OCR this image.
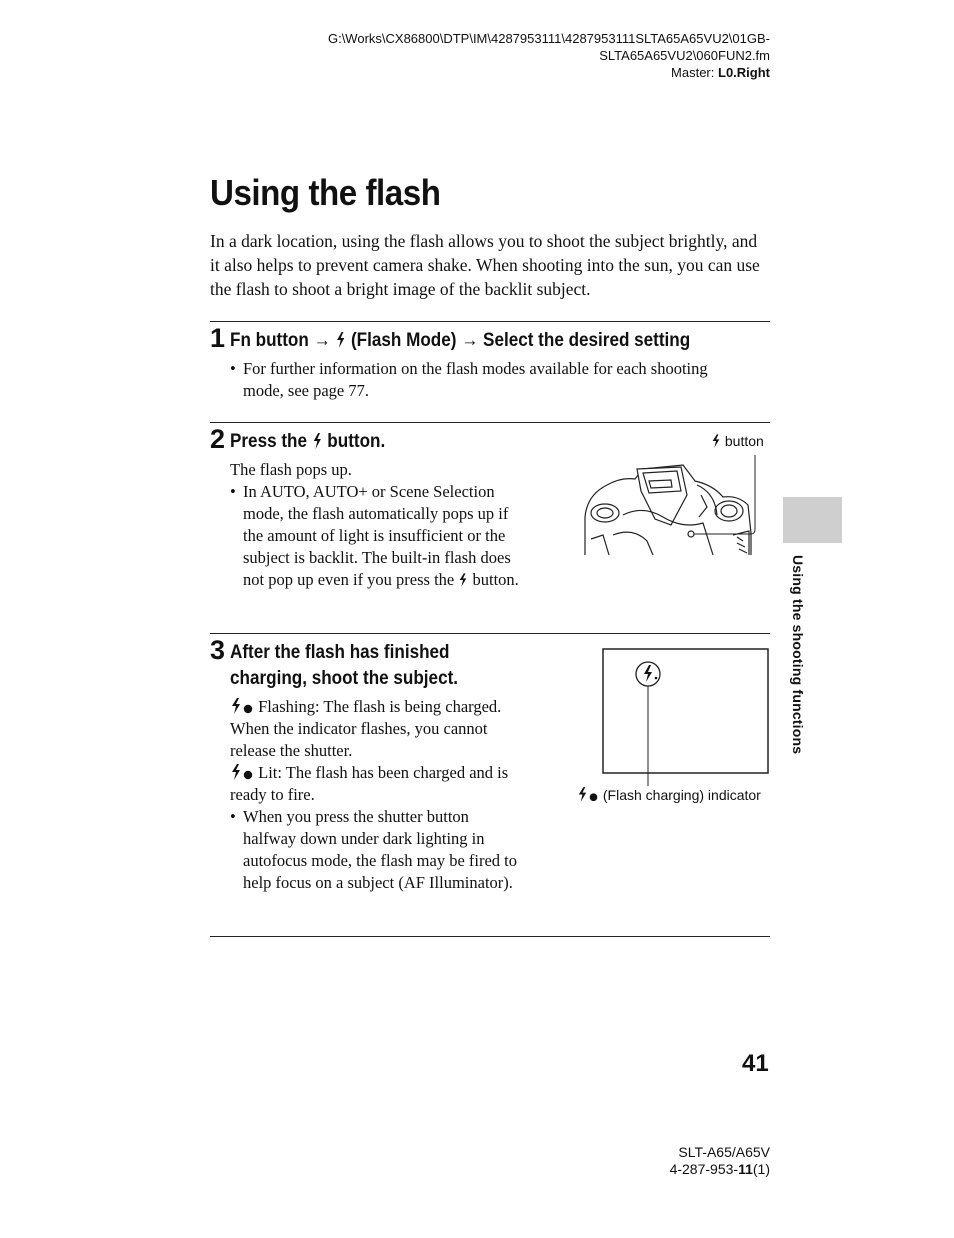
G:\Works\CX86800\DTP\IM\4287953111\4287953111SLTA65A65VU2\01GB-
SLTA65A65VU2\060FUN2.fm
Master: L0.Right
Using the flash

In a dark location, using the flash allows you to shoot the subject brightly, and it also helps to prevent camera shake. When shooting into the sun, you can use the flash to shoot a bright image of the backlit subject.

1 Fn button → (Flash Mode) → Select the desired setting
• For further information on the flash modes available for each shooting mode, see page 77.
2 Press the button.
The flash pops up.
• In AUTO, AUTO+ or Scene Selection mode, the flash automatically pops up if the amount of light is insufficient or the subject is backlit. The built-in flash does not pop up even if you press the button.
button
3 After the flash has finished
charging, shoot the subject.
Flashing: The flash is being charged. When the indicator flashes, you cannot release the shutter.
Lit: The flash has been charged and is ready to fire.
• When you press the shutter button halfway down under dark lighting in autofocus mode, the flash may be fired to help focus on a subject (AF Illuminator).
(Flash charging) indicator
Using the shooting functions
41
SLT-A65/A65V
4-287-953-11(1)
